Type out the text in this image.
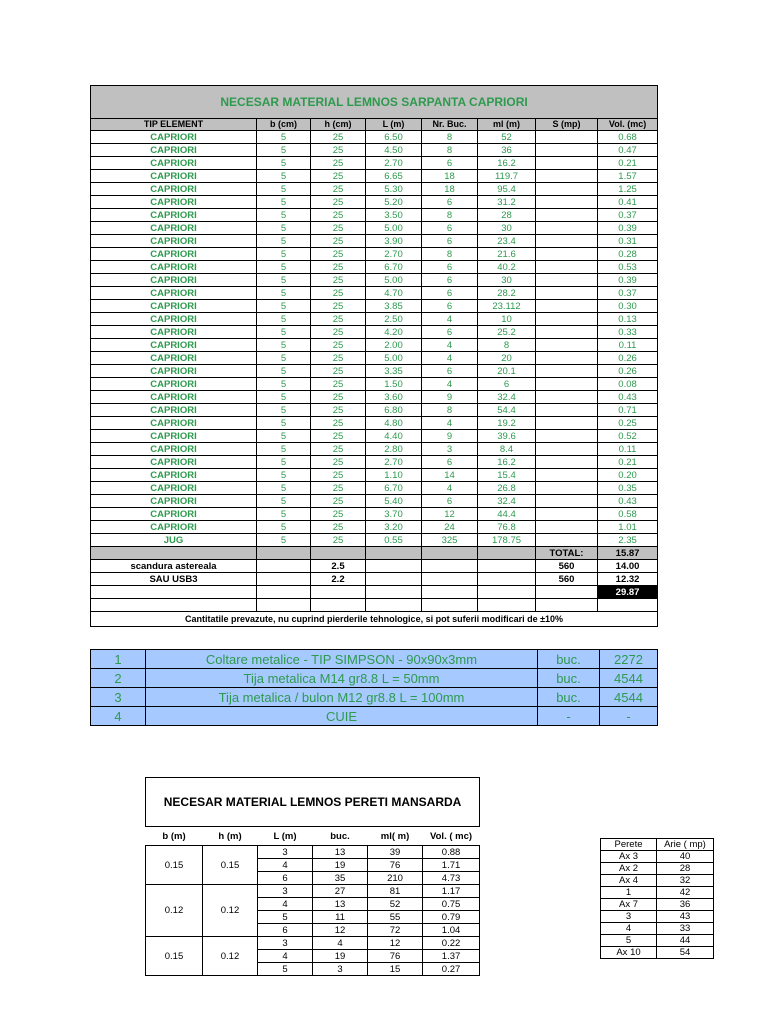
NECESAR MATERIAL LEMNOS SARPANTA CAPRIORI							
TIP ELEMENT	b (cm)	h (cm)	L (m)	Nr. Buc.	ml (m)	S (mp)	Vol. (mc)
CAPRIORI	5	25	6.50	8	52		0.68
CAPRIORI	5	25	4.50	8	36		0.47
CAPRIORI	5	25	2.70	6	16.2		0.21
CAPRIORI	5	25	6.65	18	119.7		1.57
CAPRIORI	5	25	5.30	18	95.4		1.25
CAPRIORI	5	25	5.20	6	31.2		0.41
CAPRIORI	5	25	3.50	8	28		0.37
CAPRIORI	5	25	5.00	6	30		0.39
CAPRIORI	5	25	3.90	6	23.4		0.31
CAPRIORI	5	25	2.70	8	21.6		0.28
CAPRIORI	5	25	6.70	6	40.2		0.53
CAPRIORI	5	25	5.00	6	30		0.39
CAPRIORI	5	25	4.70	6	28.2		0.37
CAPRIORI	5	25	3.85	6	23.112		0.30
CAPRIORI	5	25	2.50	4	10		0.13
CAPRIORI	5	25	4.20	6	25.2		0.33
CAPRIORI	5	25	2.00	4	8		0.11
CAPRIORI	5	25	5.00	4	20		0.26
CAPRIORI	5	25	3.35	6	20.1		0.26
CAPRIORI	5	25	1.50	4	6		0.08
CAPRIORI	5	25	3.60	9	32.4		0.43
CAPRIORI	5	25	6.80	8	54.4		0.71
CAPRIORI	5	25	4.80	4	19.2		0.25
CAPRIORI	5	25	4.40	9	39.6		0.52
CAPRIORI	5	25	2.80	3	8.4		0.11
CAPRIORI	5	25	2.70	6	16.2		0.21
CAPRIORI	5	25	1.10	14	15.4		0.20
CAPRIORI	5	25	6.70	4	26.8		0.35
CAPRIORI	5	25	5.40	6	32.4		0.43
CAPRIORI	5	25	3.70	12	44.4		0.58
CAPRIORI	5	25	3.20	24	76.8		1.01
JUG	5	25	0.55	325	178.75		2.35
						TOTAL:	15.87
scandura astereala		2.5				560	14.00
SAU USB3		2.2				560	12.32
							29.87

Cantitatile prevazute, nu cuprind pierderile tehnologice, si pot suferii modificari de ±10%							
1	Coltare metalice - TIP SIMPSON - 90x90x3mm	buc.	2272
2	Tija metalica M14 gr8.8 L = 50mm	buc.	4544
3	Tija metalica / bulon M12 gr8.8 L = 100mm	buc.	4544
4	CUIE	-	-
NECESAR MATERIAL LEMNOS PERETI MANSARDA					
b (m)	h (m)	L (m)	buc.	ml( m)	Vol. ( mc)
0.15	0.15	3	13	39	0.88
		4	19	76	1.71
		6	35	210	4.73
0.12	0.12	3	27	81	1.17
		4	13	52	0.75
		5	11	55	0.79
		6	12	72	1.04
0.15	0.12	3	4	12	0.22
		4	19	76	1.37
		5	3	15	0.27
Perete	Arie ( mp)
Ax 3	40
Ax 2	28
Ax 4	32
1	42
Ax 7	36
3	43
4	33
5	44
Ax 10	54
